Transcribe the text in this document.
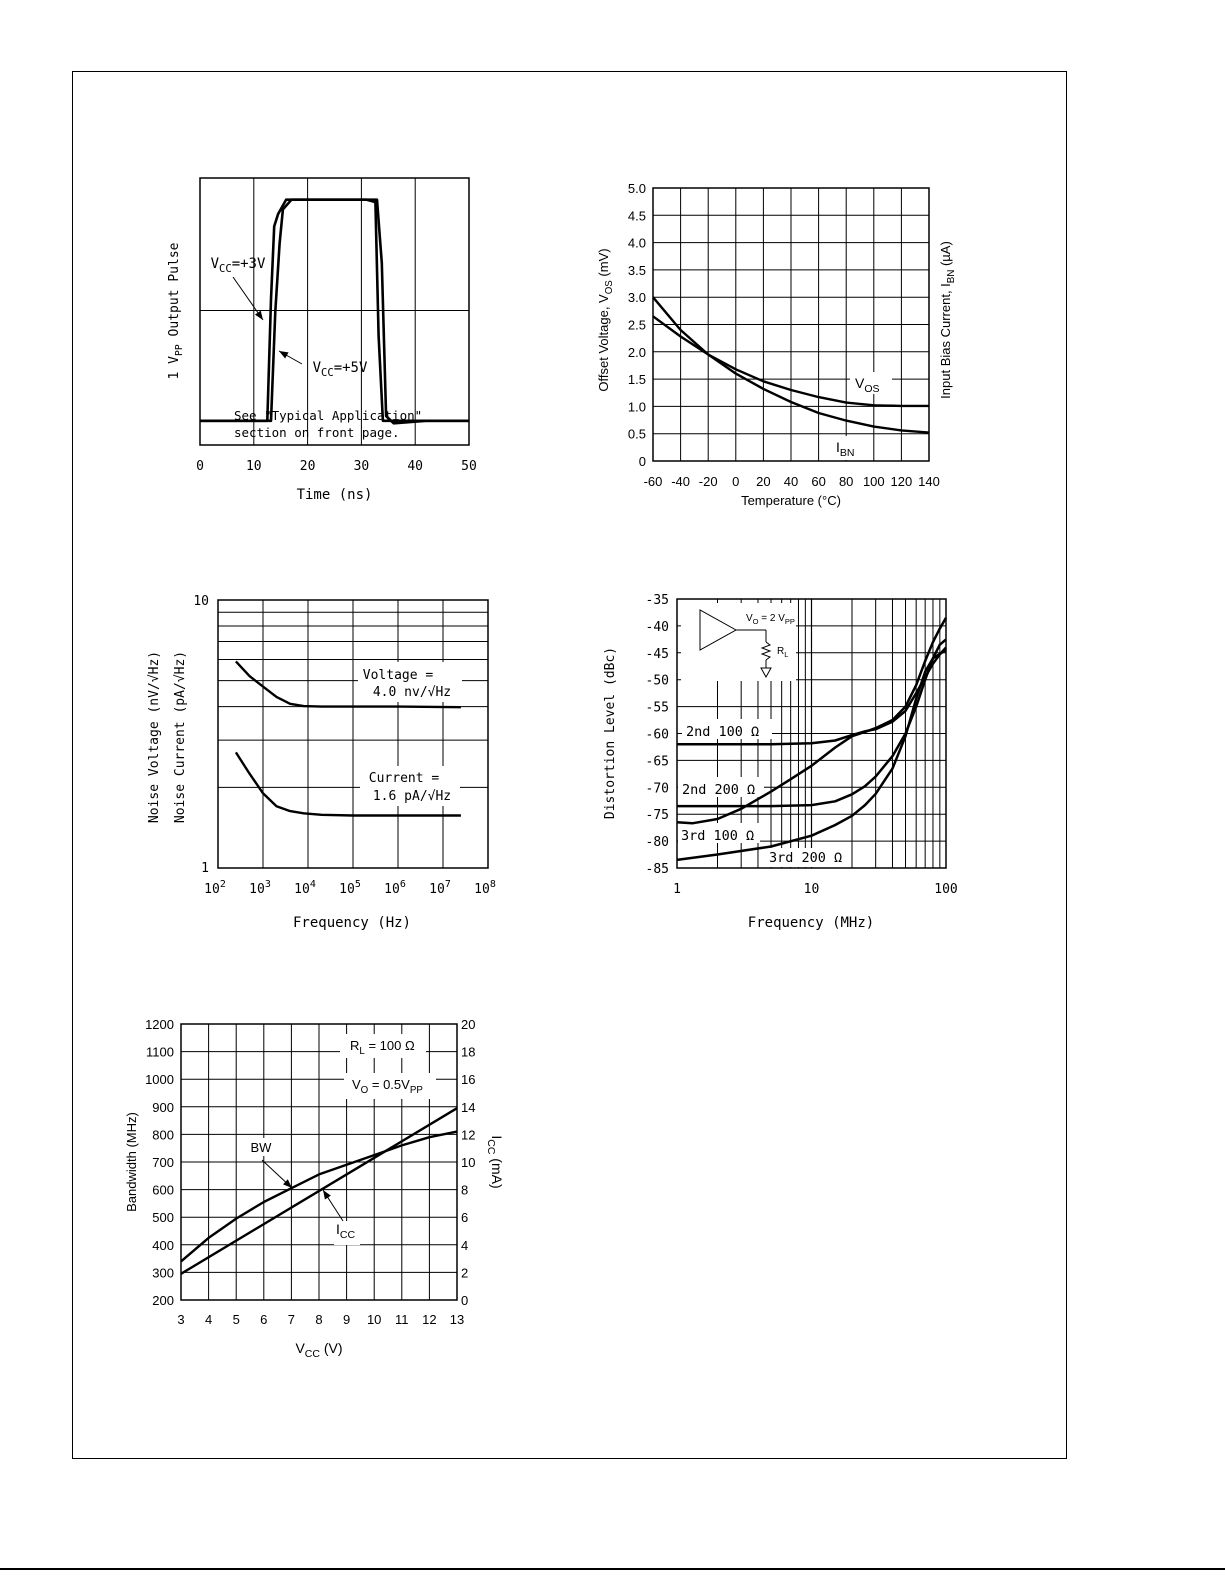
0	10	20	30	40	50
Time (ns)
1 $V_{PP}$ Output Pulse $V_{CC}=+3V$
$V_{CC}=+5V$
See "Typical Application"
section on front page.
-60 -40 -20 0 20 40 60 80 100 120 140
0
0.5
1.0
1.5
2.0
2.5
3.0
3.5
4.0
4.5
5.0
Temperature (°C)
Offset Voltage, $V_{OS}$ (mV)
Input Bias Current, $I_{BN}$ (µA)
$V_{OS}$
$I_{BN}$
$10^2$ $10^3$ $10^4$ $10^5$ $10^6$ $10^7$ $10^8$
10
1
Frequency (Hz)
Noise Voltage (nV/√Hz) Noise Current (pA/√Hz)	Voltage =
4.0 nv/√Hz
Current =
1.6 pA/√Hz
1	10	100
-85
-80
-75
-70
-65
-60
-55
-50
-45
-40
-35
Frequency (MHz)
Distortion Level (dBc)	2nd 100 Ω
2nd 200 Ω
3rd 100 Ω
3rd 200 Ω
$V_O = 2$ $V_{PP}$
$R_L$
3 4 5 6 7 8 9 10 11 12 13
200
300
400
500
600
700
800
900
1000
1100
1200
0
2
4
6
8
10
12
14
16
18
20
$V_{CC}$ (V)
Bandwidth (MHz)	$I_{CC}$ (mA)
$R_L = 100$ Ω
$V_O = 0.5V_{PP}$
BW
$I_{CC}$
